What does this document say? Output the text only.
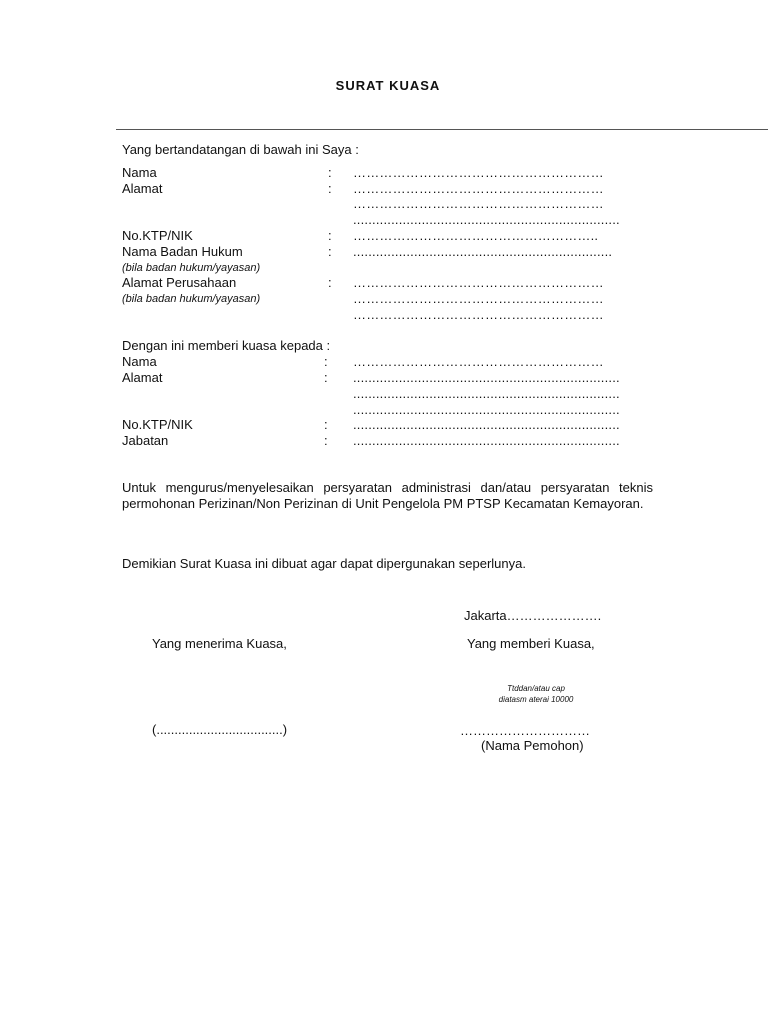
SURAT KUASA
Yang bertandatangan di bawah ini Saya :
Nama	: …………………………………………………
Alamat	: …………………………………………………
…………………………………………………
......................................................................
No.KTP/NIK	: ………………………………………………..
Nama Badan Hukum	: ....................................................................
(bila badan hukum/yayasan)
Alamat Perusahaan	: …………………………………………………
(bila badan hukum/yayasan)	…………………………………………………
…………………………………………………
Dengan ini memberi kuasa kepada :
Nama	: …………………………………………………
Alamat	: ......................................................................
......................................................................
......................................................................
No.KTP/NIK	: ......................................................................
Jabatan	: ......................................................................
Untuk mengurus/menyelesaikan persyaratan administrasi dan/atau persyaratan teknis permohonan Perizinan/Non Perizinan di Unit Pengelola PM PTSP Kecamatan Kemayoran.
Demikian Surat Kuasa ini dibuat agar dapat dipergunakan seperlunya.
Jakarta………………….
Yang menerima Kuasa,	Yang memberi Kuasa,
Ttddan/atau cap
diatasm aterai 10000
(...................................)	…………………………
(Nama Pemohon)
